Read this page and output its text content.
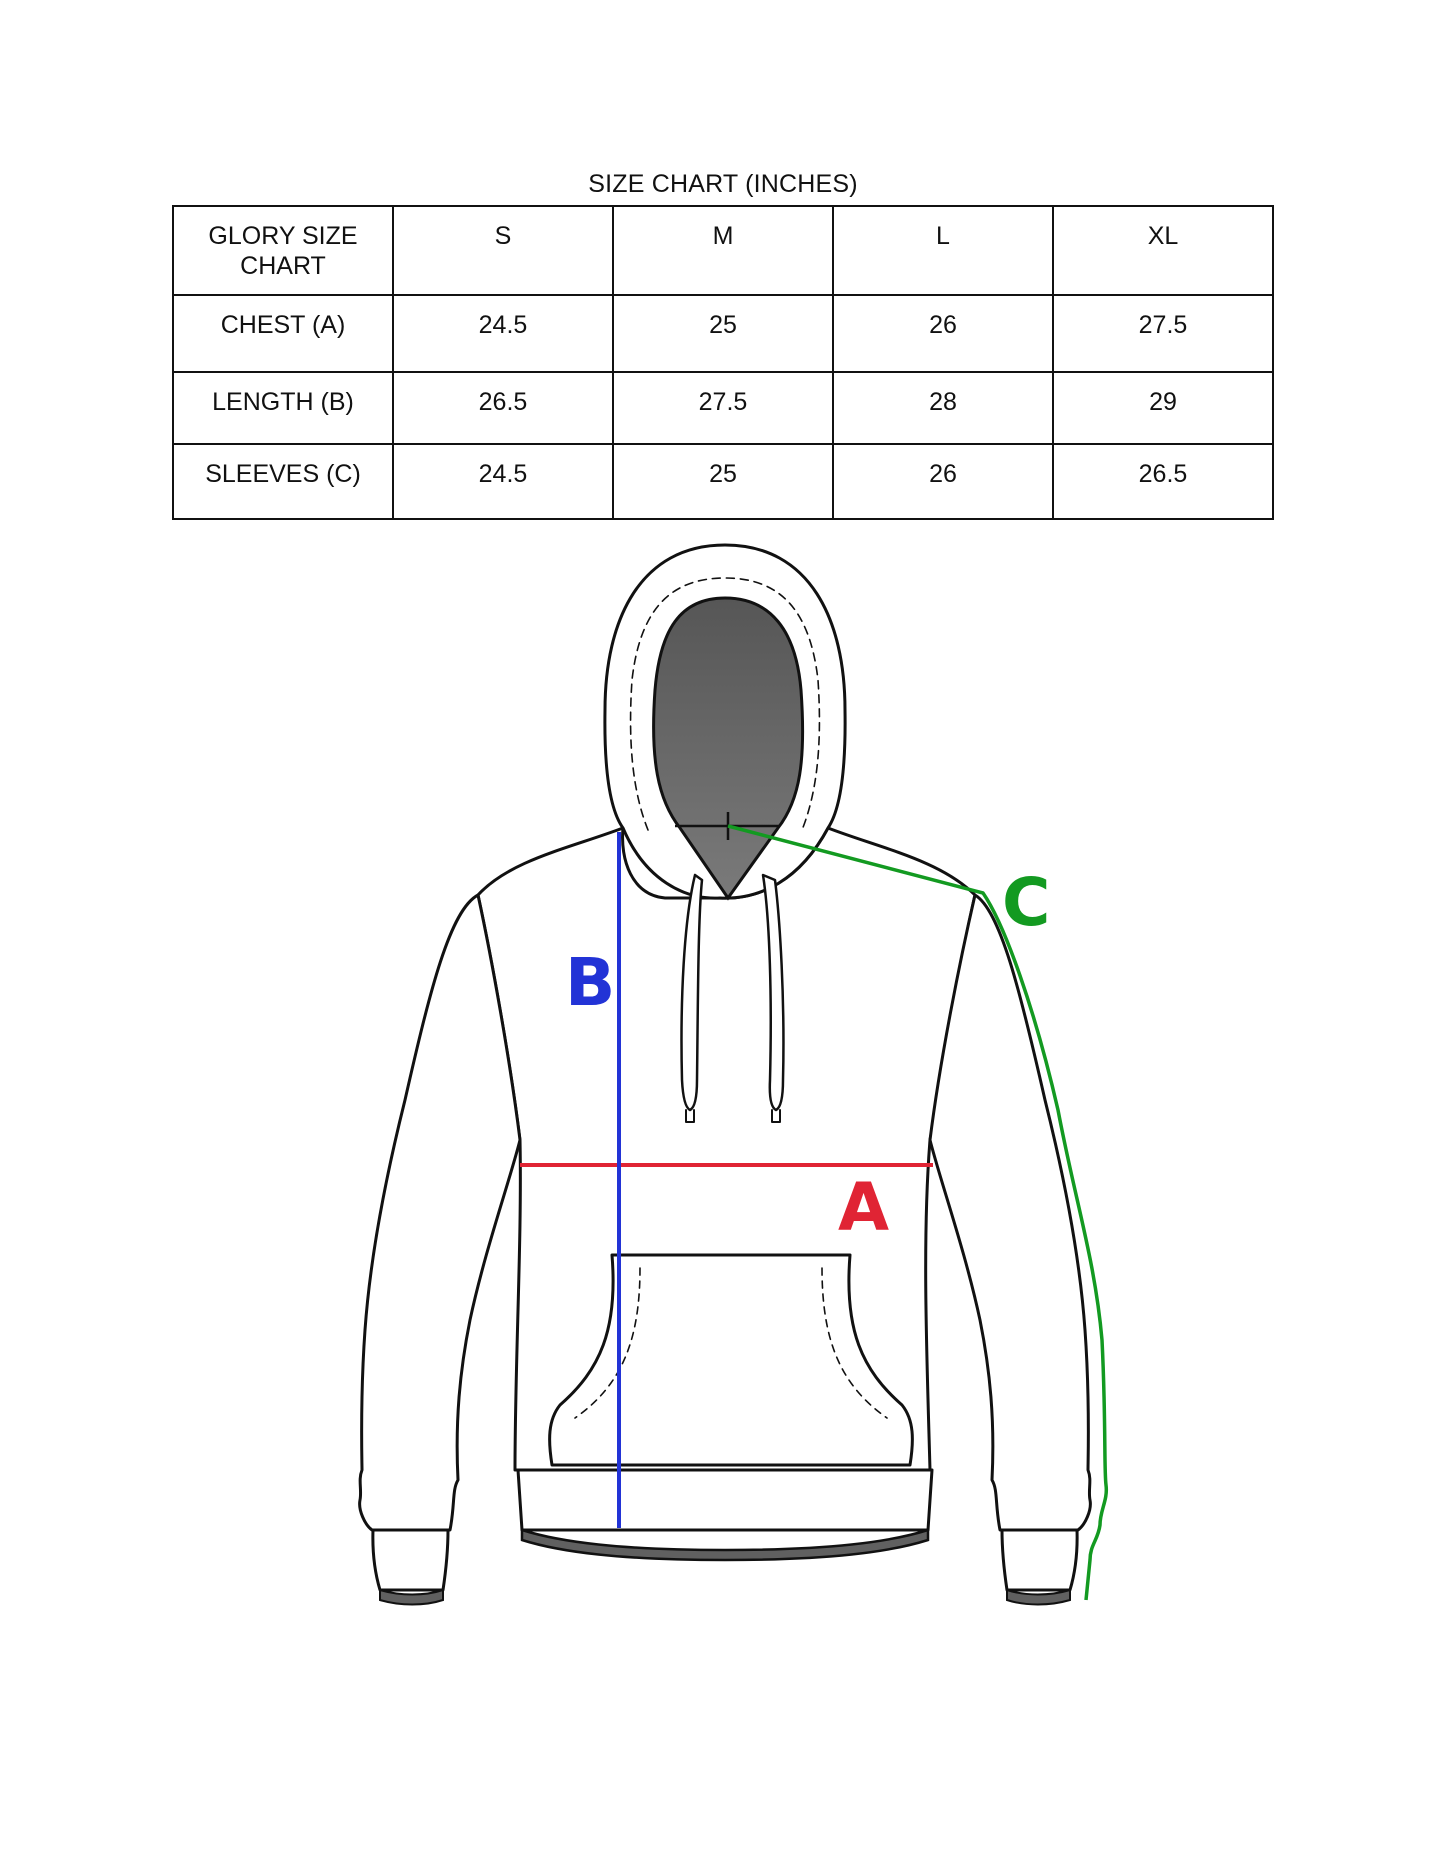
SIZE CHART (INCHES)
GLORY SIZE CHART	S	M	L	XL
CHEST (A)	24.5	25	26	27.5
LENGTH (B)	26.5	27.5	28	29
SLEEVES (C)	24.5	25	26	26.5
A
B
C
